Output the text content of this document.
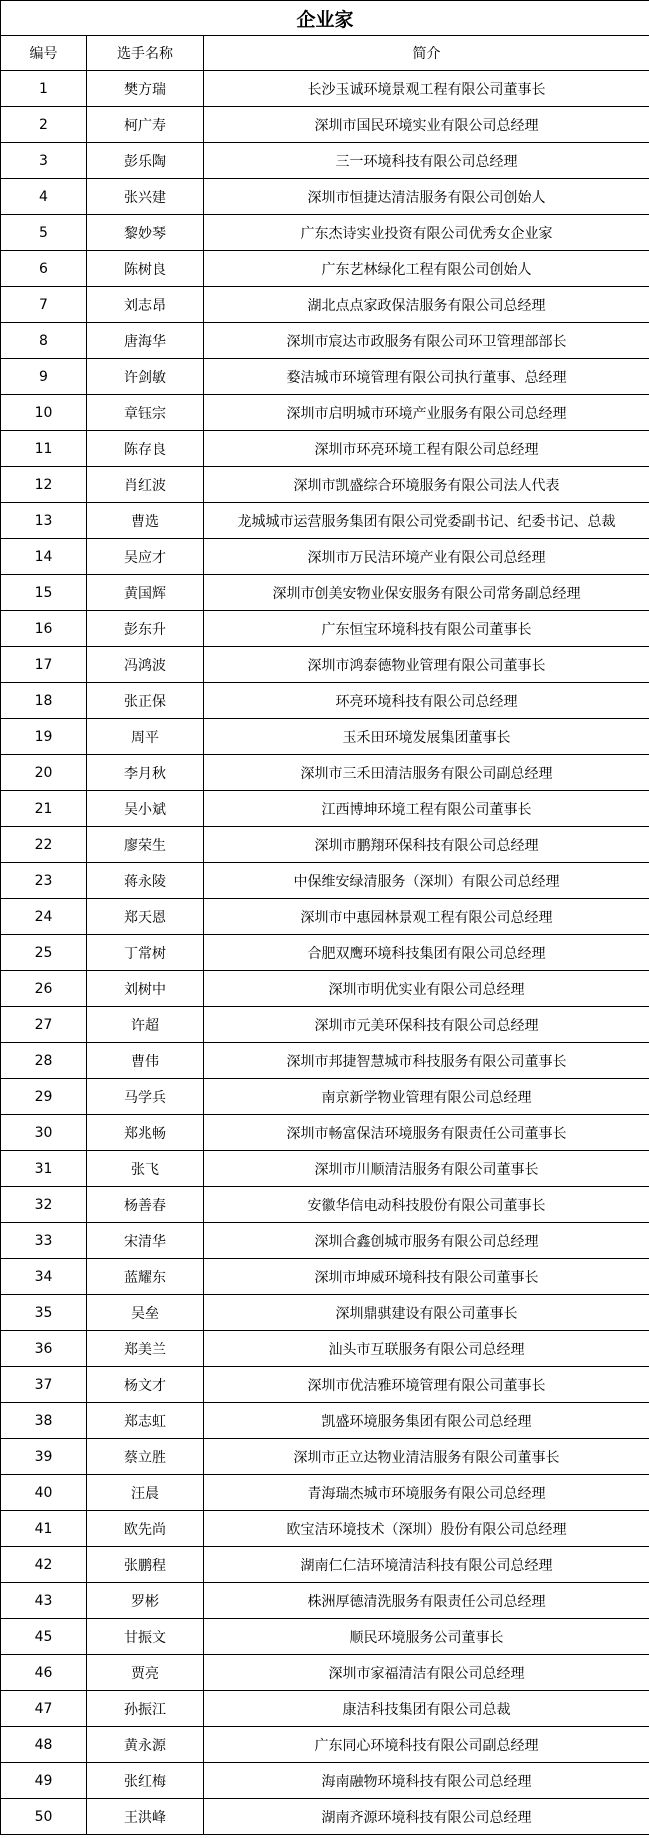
企业家		
编号	选手名称	简介
1	樊方瑞	长沙玉诚环境景观工程有限公司董事长
2	柯广寿	深圳市国民环境实业有限公司总经理
3	彭乐陶	三一环境科技有限公司总经理
4	张兴建	深圳市恒捷达清洁服务有限公司创始人
5	黎妙琴	广东杰诗实业投资有限公司优秀女企业家
6	陈树良	广东艺林绿化工程有限公司创始人
7	刘志昂	湖北点点家政保洁服务有限公司总经理
8	唐海华	深圳市宸达市政服务有限公司环卫管理部部长
9	许剑敏	婺洁城市环境管理有限公司执行董事、总经理
10	章钰宗	深圳市启明城市环境产业服务有限公司总经理
11	陈存良	深圳市环亮环境工程有限公司总经理
12	肖红波	深圳市凯盛综合环境服务有限公司法人代表
13	曹选	龙城城市运营服务集团有限公司党委副书记、纪委书记、总裁
14	吴应才	深圳市万民洁环境产业有限公司总经理
15	黄国辉	深圳市创美安物业保安服务有限公司常务副总经理
16	彭东升	广东恒宝环境科技有限公司董事长
17	冯鸿波	深圳市鸿泰德物业管理有限公司董事长
18	张正保	环亮环境科技有限公司总经理
19	周平	玉禾田环境发展集团董事长
20	李月秋	深圳市三禾田清洁服务有限公司副总经理
21	吴小斌	江西博坤环境工程有限公司董事长
22	廖荣生	深圳市鹏翔环保科技有限公司总经理
23	蒋永陵	中保维安绿清服务（深圳）有限公司总经理
24	郑天恩	深圳市中惠园林景观工程有限公司总经理
25	丁常树	合肥双鹰环境科技集团有限公司总经理
26	刘树中	深圳市明优实业有限公司总经理
27	许超	深圳市元美环保科技有限公司总经理
28	曹伟	深圳市邦捷智慧城市科技服务有限公司董事长
29	马学兵	南京新学物业管理有限公司总经理
30	郑兆畅	深圳市畅富保洁环境服务有限责任公司董事长
31	张飞	深圳市川顺清洁服务有限公司董事长
32	杨善春	安徽华信电动科技股份有限公司董事长
33	宋清华	深圳合鑫创城市服务有限公司总经理
34	蓝耀东	深圳市坤威环境科技有限公司董事长
35	吴垒	深圳鼎骐建设有限公司董事长
36	郑美兰	汕头市互联服务有限公司总经理
37	杨文才	深圳市优洁雅环境管理有限公司董事长
38	郑志虹	凯盛环境服务集团有限公司总经理
39	蔡立胜	深圳市正立达物业清洁服务有限公司董事长
40	汪晨	青海瑞杰城市环境服务有限公司总经理
41	欧先尚	欧宝洁环境技术（深圳）股份有限公司总经理
42	张鹏程	湖南仁仁洁环境清洁科技有限公司总经理
43	罗彬	株洲厚德清洗服务有限责任公司总经理
45	甘振文	顺民环境服务公司董事长
46	贾亮	深圳市家福清洁有限公司总经理
47	孙振江	康洁科技集团有限公司总裁
48	黄永源	广东同心环境科技有限公司副总经理
49	张红梅	海南融物环境科技有限公司总经理
50	王洪峰	湖南齐源环境科技有限公司总经理
